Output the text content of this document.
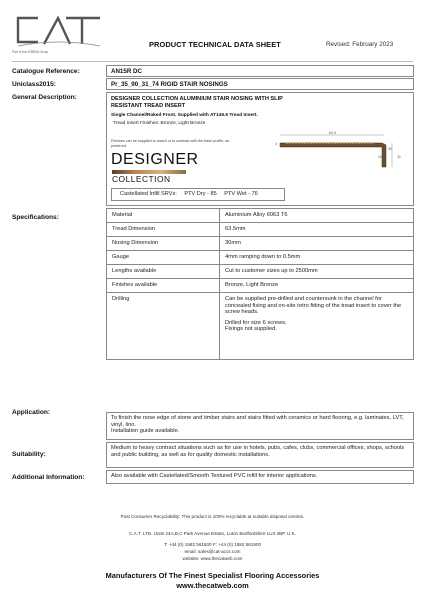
Part of the KOBRA Group
PRODUCT TECHNICAL DATA SHEET	Revised: February 2023
Catalogue Reference:	AN15R DC
Uniclass2015:	Pr_35_90_31_74 RIGID STAIR NOSINGS
General Description:	DESIGNER COLLECTION ALUMINIUM STAIR NOSING WITH SLIP RESISTANT TREAD INSERT
Single Channel/Raked Front. Supplied with AT149.5 Tread Insert.
Tread Insert Finishes: Bronze, Light Bronze
Finishes can be supplied to match or to contrast with the base profile, as preferred.
DESIGNER
COLLECTION
Castellated Infill SRVs: PTV Dry - 85 PTV Wet - 76
63.5
4
24	30
30
Specifications:	Material	Aluminium Alloy 6063 T6
Tread Dimension	63.5mm
Nosing Dimension	30mm
Gauge	4mm ramping down to 0.5mm
Lengths available	Cut to customer sizes up to 2500mm
Finishes available	Bronze, Light Bronze
Drilling	Can be supplied pre-drilled and countersunk in the channel for concealed fixing and on-site retro fitting of the tread insert to cover the screw heads.
Drilled for size 6 screws.
Fixings not supplied.
Application:
To finish the nose edge of stone and timber stairs and stairs fitted with ceramics or hard flooring, e.g. laminates, LVT, vinyl, lino.
Installation guide available.
Suitability:
Medium to heavy contract situations such as for use in hotels, pubs, cafes, clubs, commercial offices, shops, schools and public building, as well as for quality domestic installations.
Additional Information:	Also available with Castellated/Smooth Textured PVC infill for interior applications.
Post Consumer Recyclability: This product is 100% recyclable at suitable disposal centres.
C.A.T. LTD. Units 24A,B,C Park Avenue Estate, Luton Bedfordshire LU3 3BP. U.K.
T: +44 (0) 1582 561500 F: +44 (0) 1582 561900
email: sales@cat-accs.com
website: www.thecatweb.com
Manufacturers Of The Finest Specialist Flooring Accessories
www.thecatweb.com
